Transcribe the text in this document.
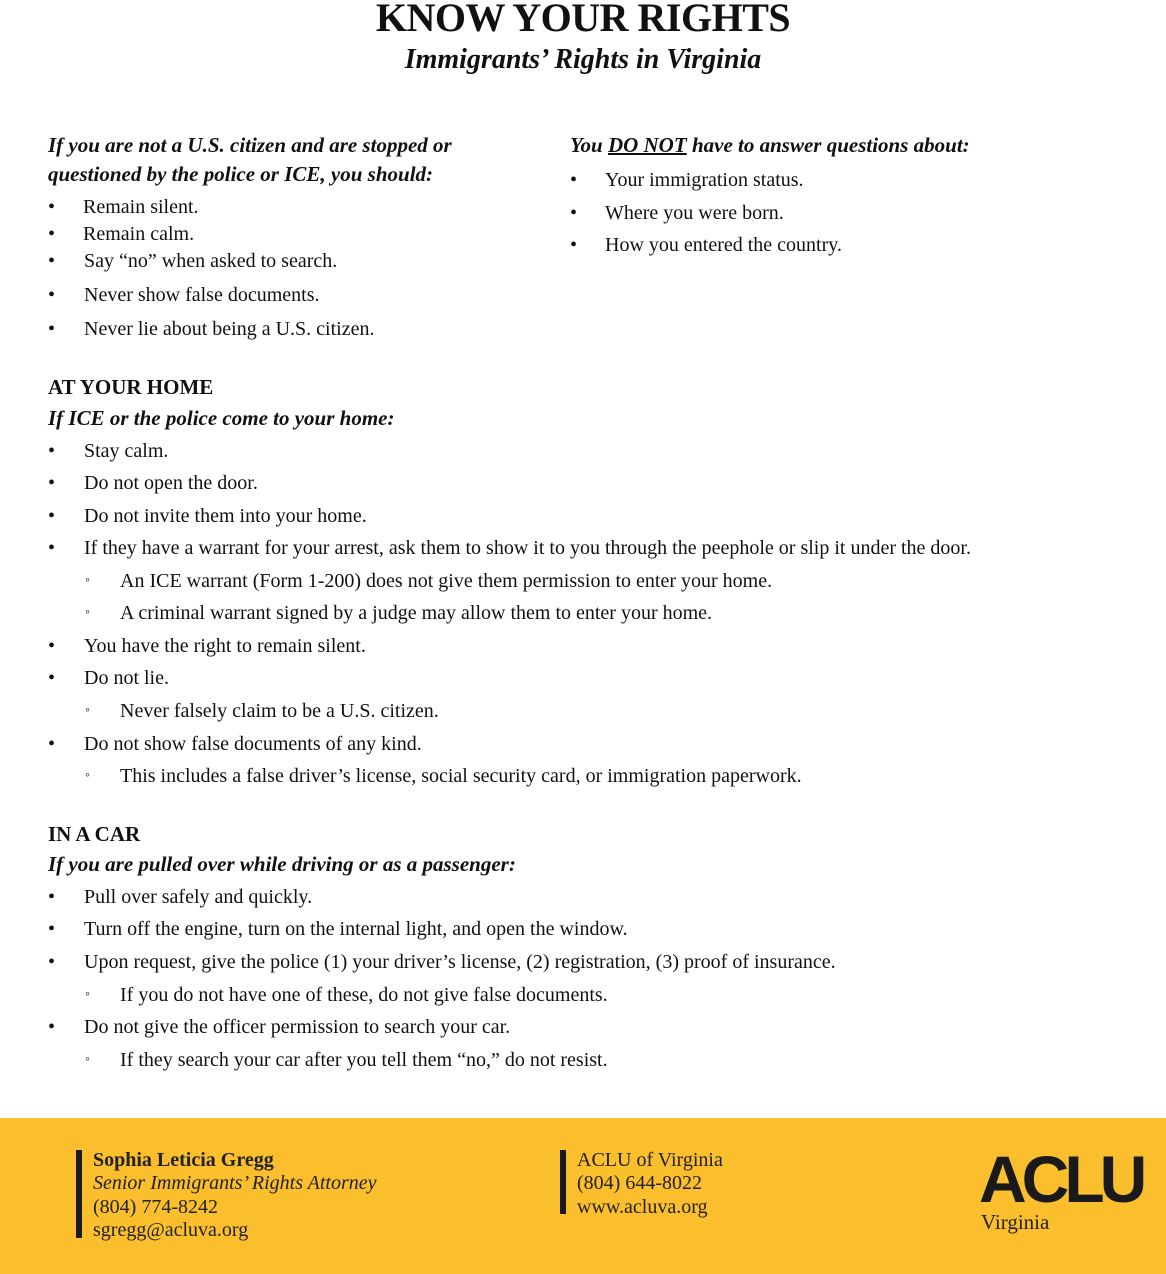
KNOW YOUR RIGHTS
Immigrants’ Rights in Virginia
If you are not a U.S. citizen and are stopped or
questioned by the police or ICE, you should:
• Remain silent.
• Remain calm.
• Say “no” when asked to search.
• Never show false documents.
• Never lie about being a U.S. citizen.
You DO NOT have to answer questions about:
• Your immigration status.
• Where you were born.
• How you entered the country.
AT YOUR HOME
If ICE or the police come to your home:
• Stay calm.
• Do not open the door.
• Do not invite them into your home.
• If they have a warrant for your arrest, ask them to show it to you through the peephole or slip it under the door.
◦ An ICE warrant (Form 1-200) does not give them permission to enter your home.
◦ A criminal warrant signed by a judge may allow them to enter your home.
• You have the right to remain silent.
• Do not lie.
◦ Never falsely claim to be a U.S. citizen.
• Do not show false documents of any kind.
◦ This includes a false driver’s license, social security card, or immigration paperwork.
IN A CAR
If you are pulled over while driving or as a passenger:
• Pull over safely and quickly.
• Turn off the engine, turn on the internal light, and open the window.
• Upon request, give the police (1) your driver’s license, (2) registration, (3) proof of insurance.
◦ If you do not have one of these, do not give false documents.
• Do not give the officer permission to search your car.
◦ If they search your car after you tell them “no,” do not resist.
Sophia Leticia Gregg
Senior Immigrants’ Rights Attorney
(804) 774-8242
sgregg@acluva.org
ACLU of Virginia
(804) 644-8022
www.acluva.org	ACLU
Virginia
